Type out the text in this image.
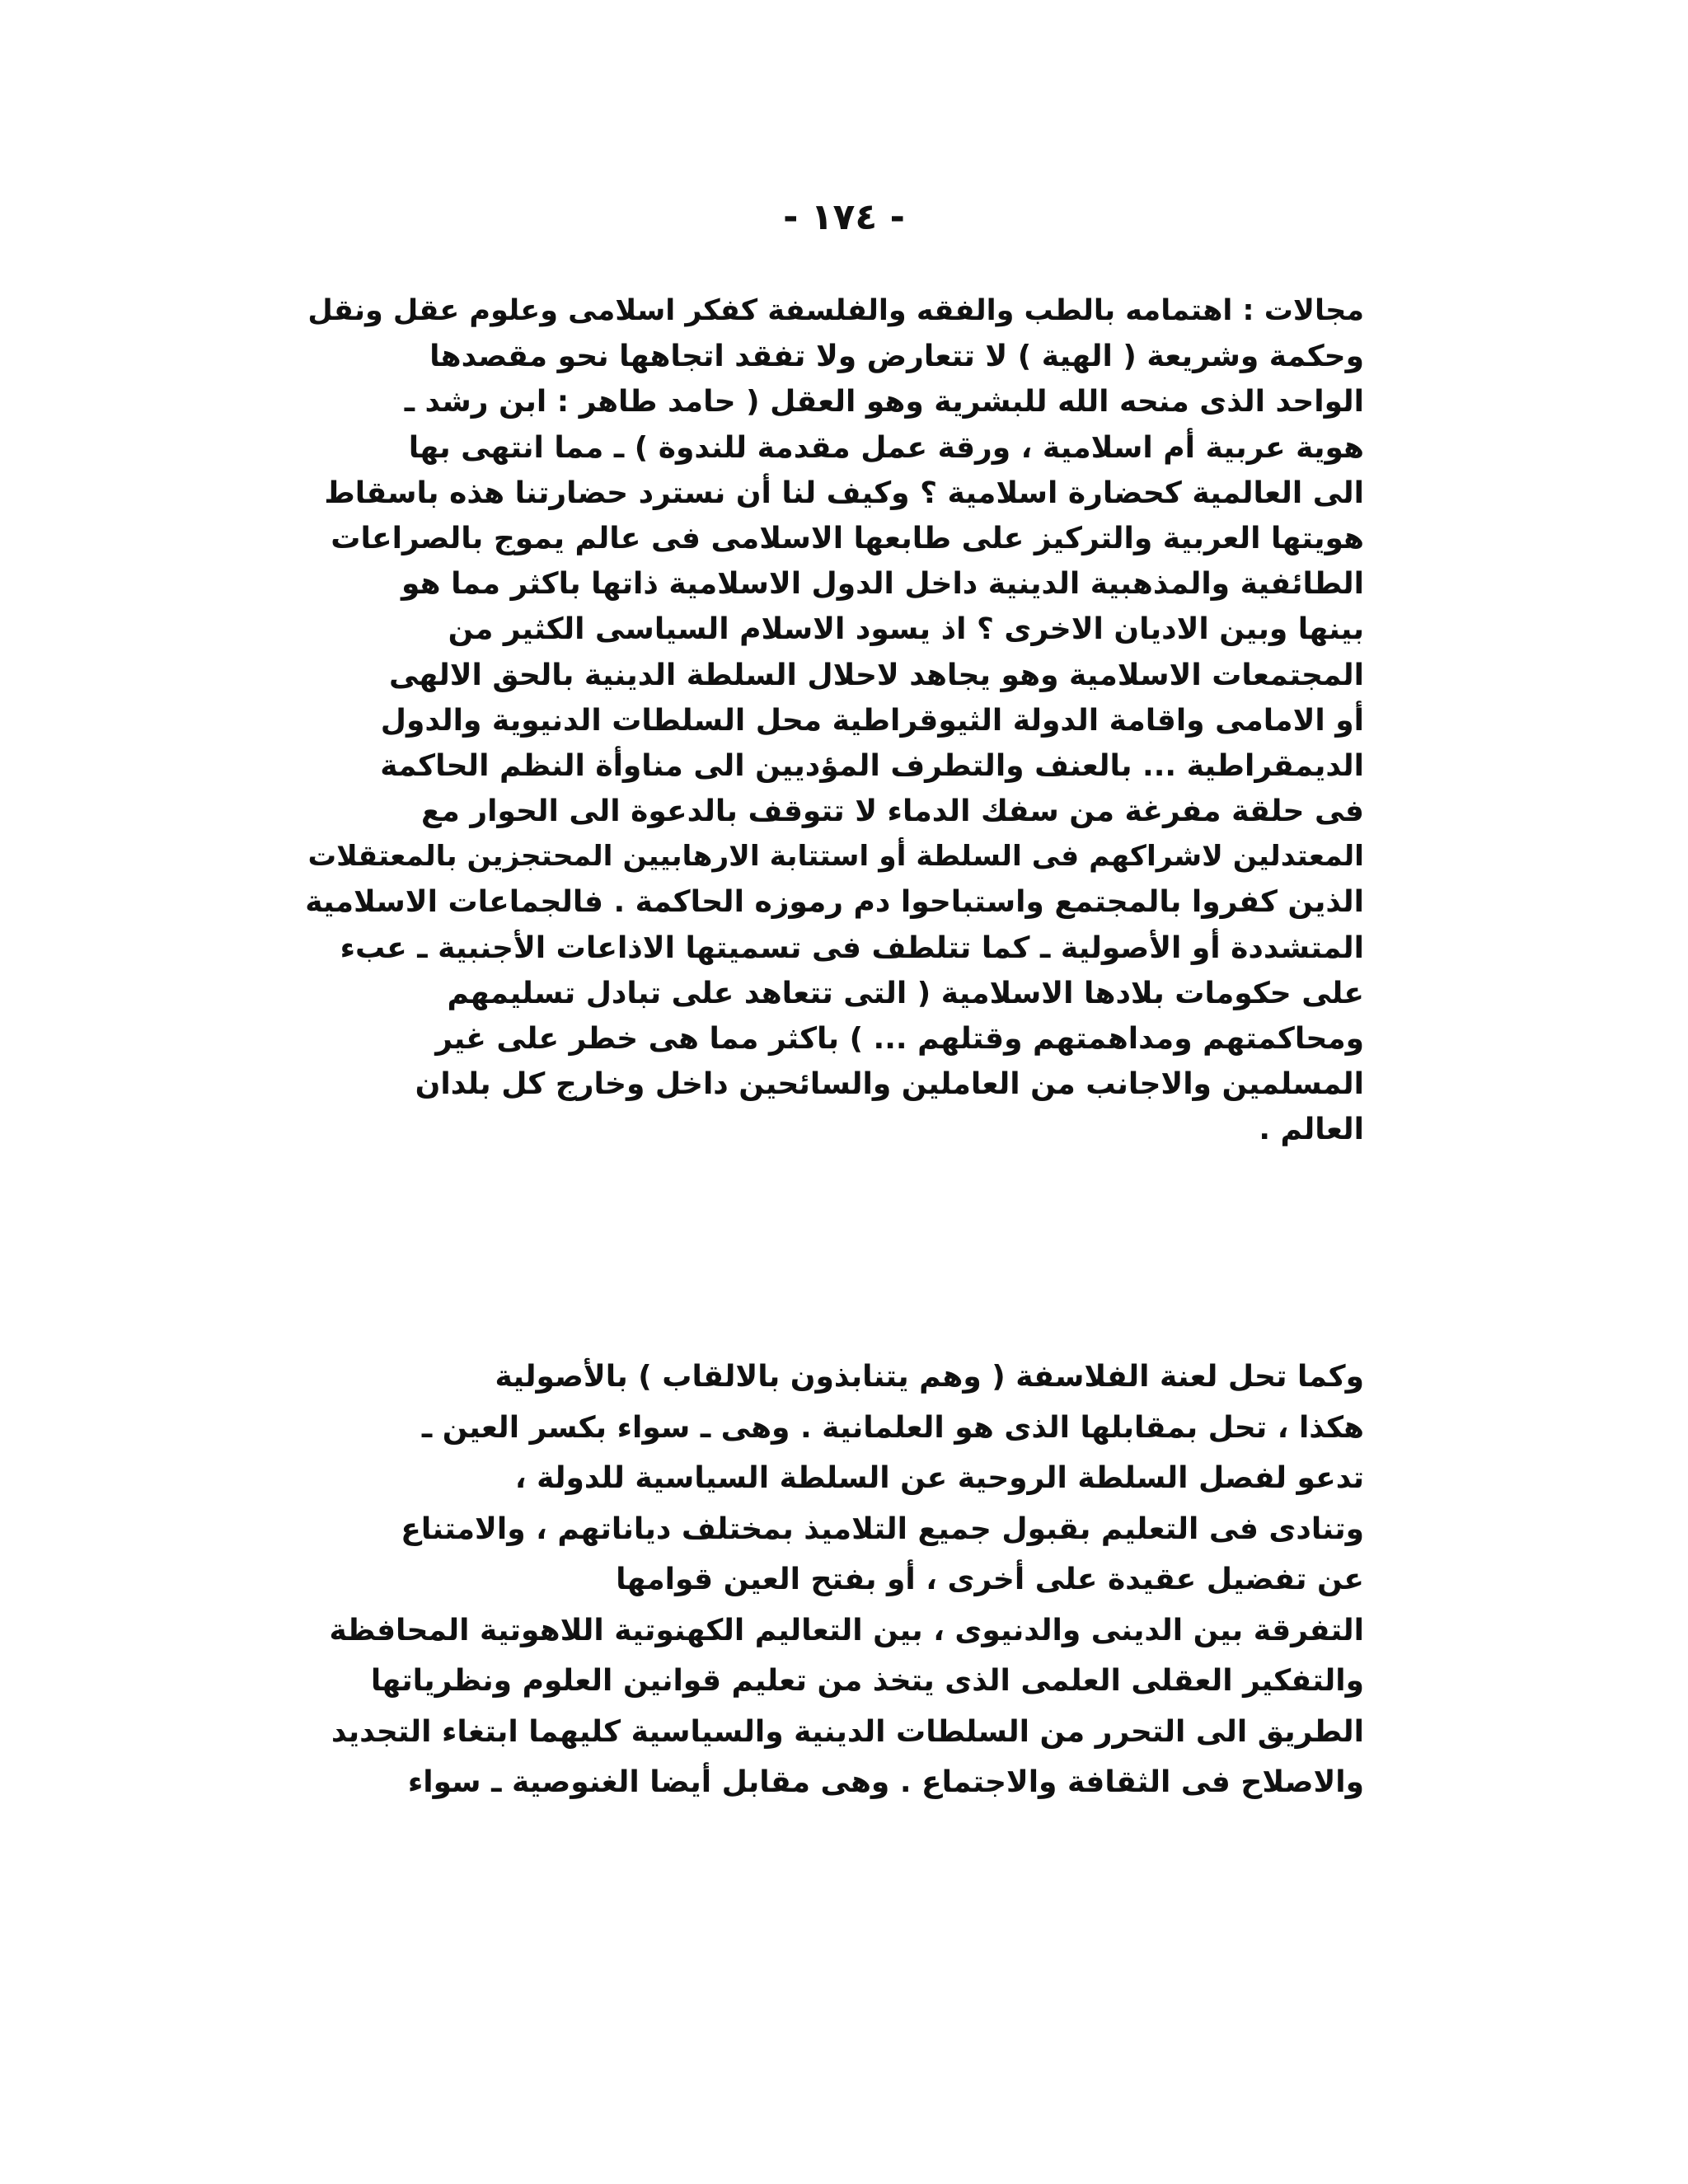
- ١٧٤ -
مجالات : اهتمامه بالطب والفقه والفلسفة كفكر اسلامى وعلوم عقل ونقل
وحكمة وشريعة ( الهية ) لا تتعارض ولا تفقد اتجاهها نحو مقصدها
الواحد الذى منحه الله للبشرية وهو العقل ( حامد طاهر : ابن رشد ـ
هوية عربية أم اسلامية ، ورقة عمل مقدمة للندوة ) ـ مما انتهى بها
الى العالمية كحضارة اسلامية ؟ وكيف لنا أن نسترد حضارتنا هذه باسقاط
هويتها العربية والتركيز على طابعها الاسلامى فى عالم يموج بالصراعات
الطائفية والمذهبية الدينية داخل الدول الاسلامية ذاتها باكثر مما هو
بينها وبين الاديان الاخرى ؟ اذ يسود الاسلام السياسى الكثير من
المجتمعات الاسلامية وهو يجاهد لاحلال السلطة الدينية بالحق الالهى
أو الامامى واقامة الدولة الثيوقراطية محل السلطات الدنيوية والدول
الديمقراطية ... بالعنف والتطرف المؤديين الى مناوأة النظم الحاكمة
فى حلقة مفرغة من سفك الدماء لا تتوقف بالدعوة الى الحوار مع
المعتدلين لاشراكهم فى السلطة أو استتابة الارهابيين المحتجزين بالمعتقلات
الذين كفروا بالمجتمع واستباحوا دم رموزه الحاكمة . فالجماعات الاسلامية
المتشددة أو الأصولية ـ كما تتلطف فى تسميتها الاذاعات الأجنبية ـ عبء
على حكومات بلادها الاسلامية ( التى تتعاهد على تبادل تسليمهم
ومحاكمتهم ومداهمتهم وقتلهم ... ) باكثر مما هى خطر على غير
المسلمين والاجانب من العاملين والسائحين داخل وخارج كل بلدان
العالم .
وكما تحل لعنة الفلاسفة ( وهم يتنابذون بالالقاب ) بالأصولية
هكذا ، تحل بمقابلها الذى هو العلمانية . وهى ـ سواء بكسر العين ـ
تدعو لفصل السلطة الروحية عن السلطة السياسية للدولة ،
وتنادى فى التعليم بقبول جميع التلاميذ بمختلف دياناتهم ، والامتناع
عن تفضيل عقيدة على أخرى ، أو بفتح العين قوامها
التفرقة بين الدينى والدنيوى ، بين التعاليم الكهنوتية اللاهوتية المحافظة
والتفكير العقلى العلمى الذى يتخذ من تعليم قوانين العلوم ونظرياتها
الطريق الى التحرر من السلطات الدينية والسياسية كليهما ابتغاء التجديد
والاصلاح فى الثقافة والاجتماع . وهى مقابل أيضا الغنوصية ـ سواء
